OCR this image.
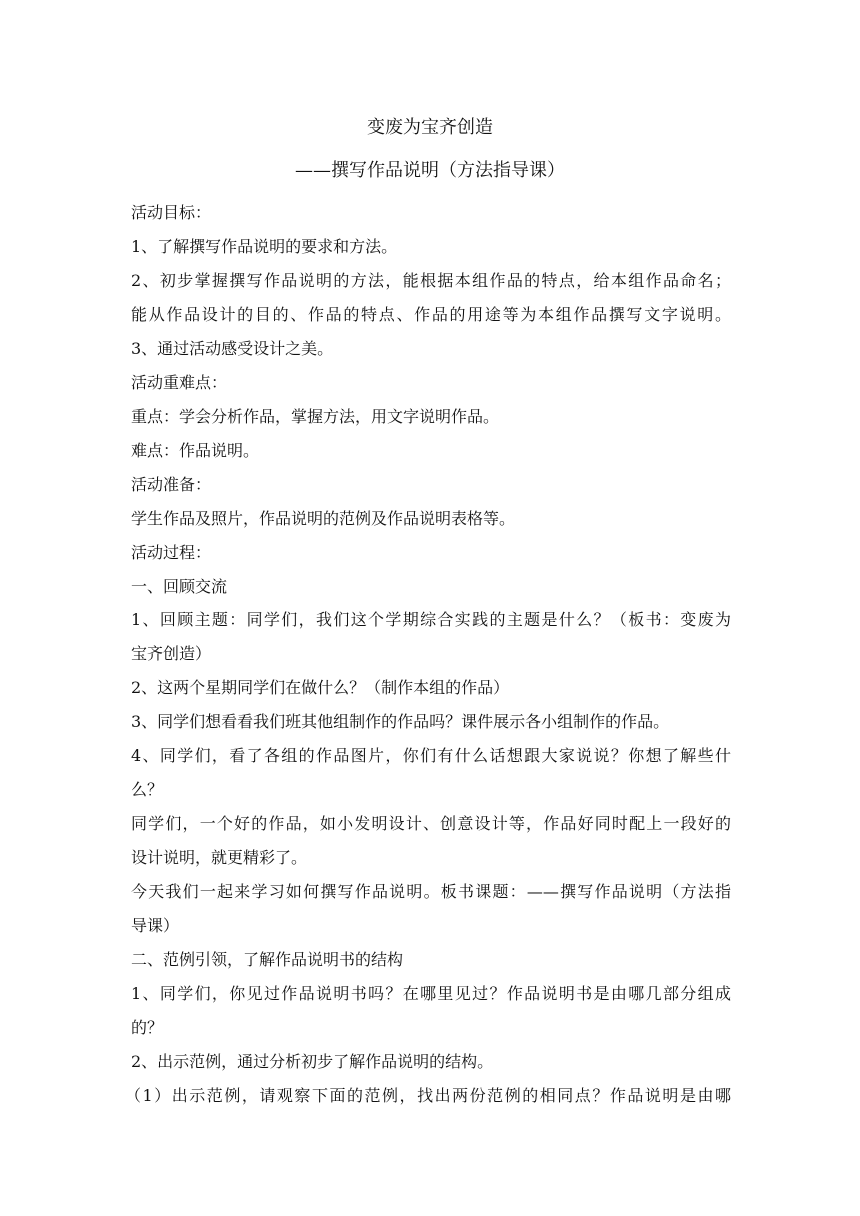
变废为宝齐创造
——撰写作品说明（方法指导课）
活动目标：
1、了解撰写作品说明的要求和方法。
2、初步掌握撰写作品说明的方法，能根据本组作品的特点，给本组作品命名；
能从作品设计的目的、作品的特点、作品的用途等为本组作品撰写文字说明。
3、通过活动感受设计之美。
活动重难点：
重点：学会分析作品，掌握方法，用文字说明作品。
难点：作品说明。
活动准备：
学生作品及照片，作品说明的范例及作品说明表格等。
活动过程：
一、回顾交流
1、回顾主题：同学们，我们这个学期综合实践的主题是什么？（板书：变废为
宝齐创造）
2、这两个星期同学们在做什么？（制作本组的作品）
3、同学们想看看我们班其他组制作的作品吗？课件展示各小组制作的作品。
4、同学们，看了各组的作品图片，你们有什么话想跟大家说说？你想了解些什
么？
同学们，一个好的作品，如小发明设计、创意设计等，作品好同时配上一段好的
设计说明，就更精彩了。
今天我们一起来学习如何撰写作品说明。板书课题：——撰写作品说明（方法指
导课）
二、范例引领，了解作品说明书的结构
1、同学们，你见过作品说明书吗？在哪里见过？作品说明书是由哪几部分组成
的？
2、出示范例，通过分析初步了解作品说明的结构。
（1）出示范例，请观察下面的范例，找出两份范例的相同点？作品说明是由哪
